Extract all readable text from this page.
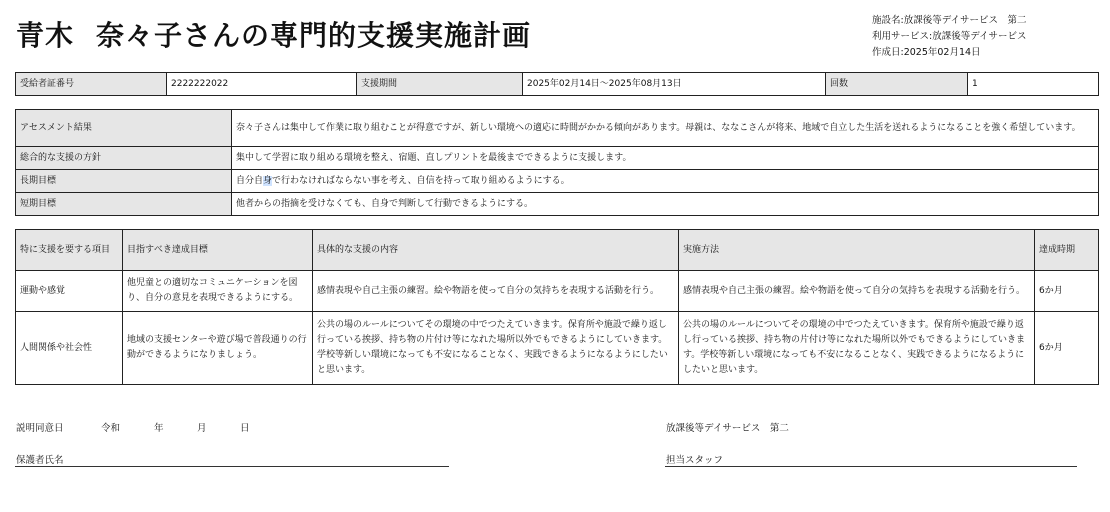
青木 奈々子さんの専門的支援実施計画	施設名:放課後等デイサービス　第二
利用サービス:放課後等デイサービス
作成日:2025年02月14日
受給者証番号	2222222022	支援期間	2025年02月14日～2025年08月13日	回数	1
アセスメント結果	奈々子さんは集中して作業に取り組むことが得意ですが、新しい環境への適応に時間がかかる傾向があります。母親は、ななこさんが将来、地域で自立した生活を送れるようになることを強く希望しています。
総合的な支援の方針	集中して学習に取り組める環境を整え、宿題、直しプリントを最後までできるように支援します。
長期目標	自分自身で行わなければならない事を考え、自信を持って取り組めるようにする。
短期目標	他者からの指摘を受けなくても、自身で判断して行動できるようにする。
特に支援を要する項目	目指すべき達成目標	具体的な支援の内容	実施方法	達成時期
運動や感覚	他児童との適切なコミュニケーションを図り、自分の意見を表現できるようにする。	感情表現や自己主張の練習。絵や物語を使って自分の気持ちを表現する活動を行う。	感情表現や自己主張の練習。絵や物語を使って自分の気持ちを表現する活動を行う。	6か月
人間関係や社会性	地域の支援センターや遊び場で普段通りの行動ができるようになりましょう。	公共の場のルールについてその環境の中でつたえていきます。保育所や施設で繰り返し行っている挨拶、持ち物の片付け等になれた場所以外でもできるようにしていきます。学校等新しい環境になっても不安になることなく、実践できるようになるようにしたいと思います。	公共の場のルールについてその環境の中でつたえていきます。保育所や施設で繰り返し行っている挨拶、持ち物の片付け等になれた場所以外でもできるようにしていきます。学校等新しい環境になっても不安になることなく、実践できるようになるようにしたいと思います。	6か月
説明同意日	令和	年	月	日
保護者氏名
放課後等デイサービス　第二
担当スタッフ
